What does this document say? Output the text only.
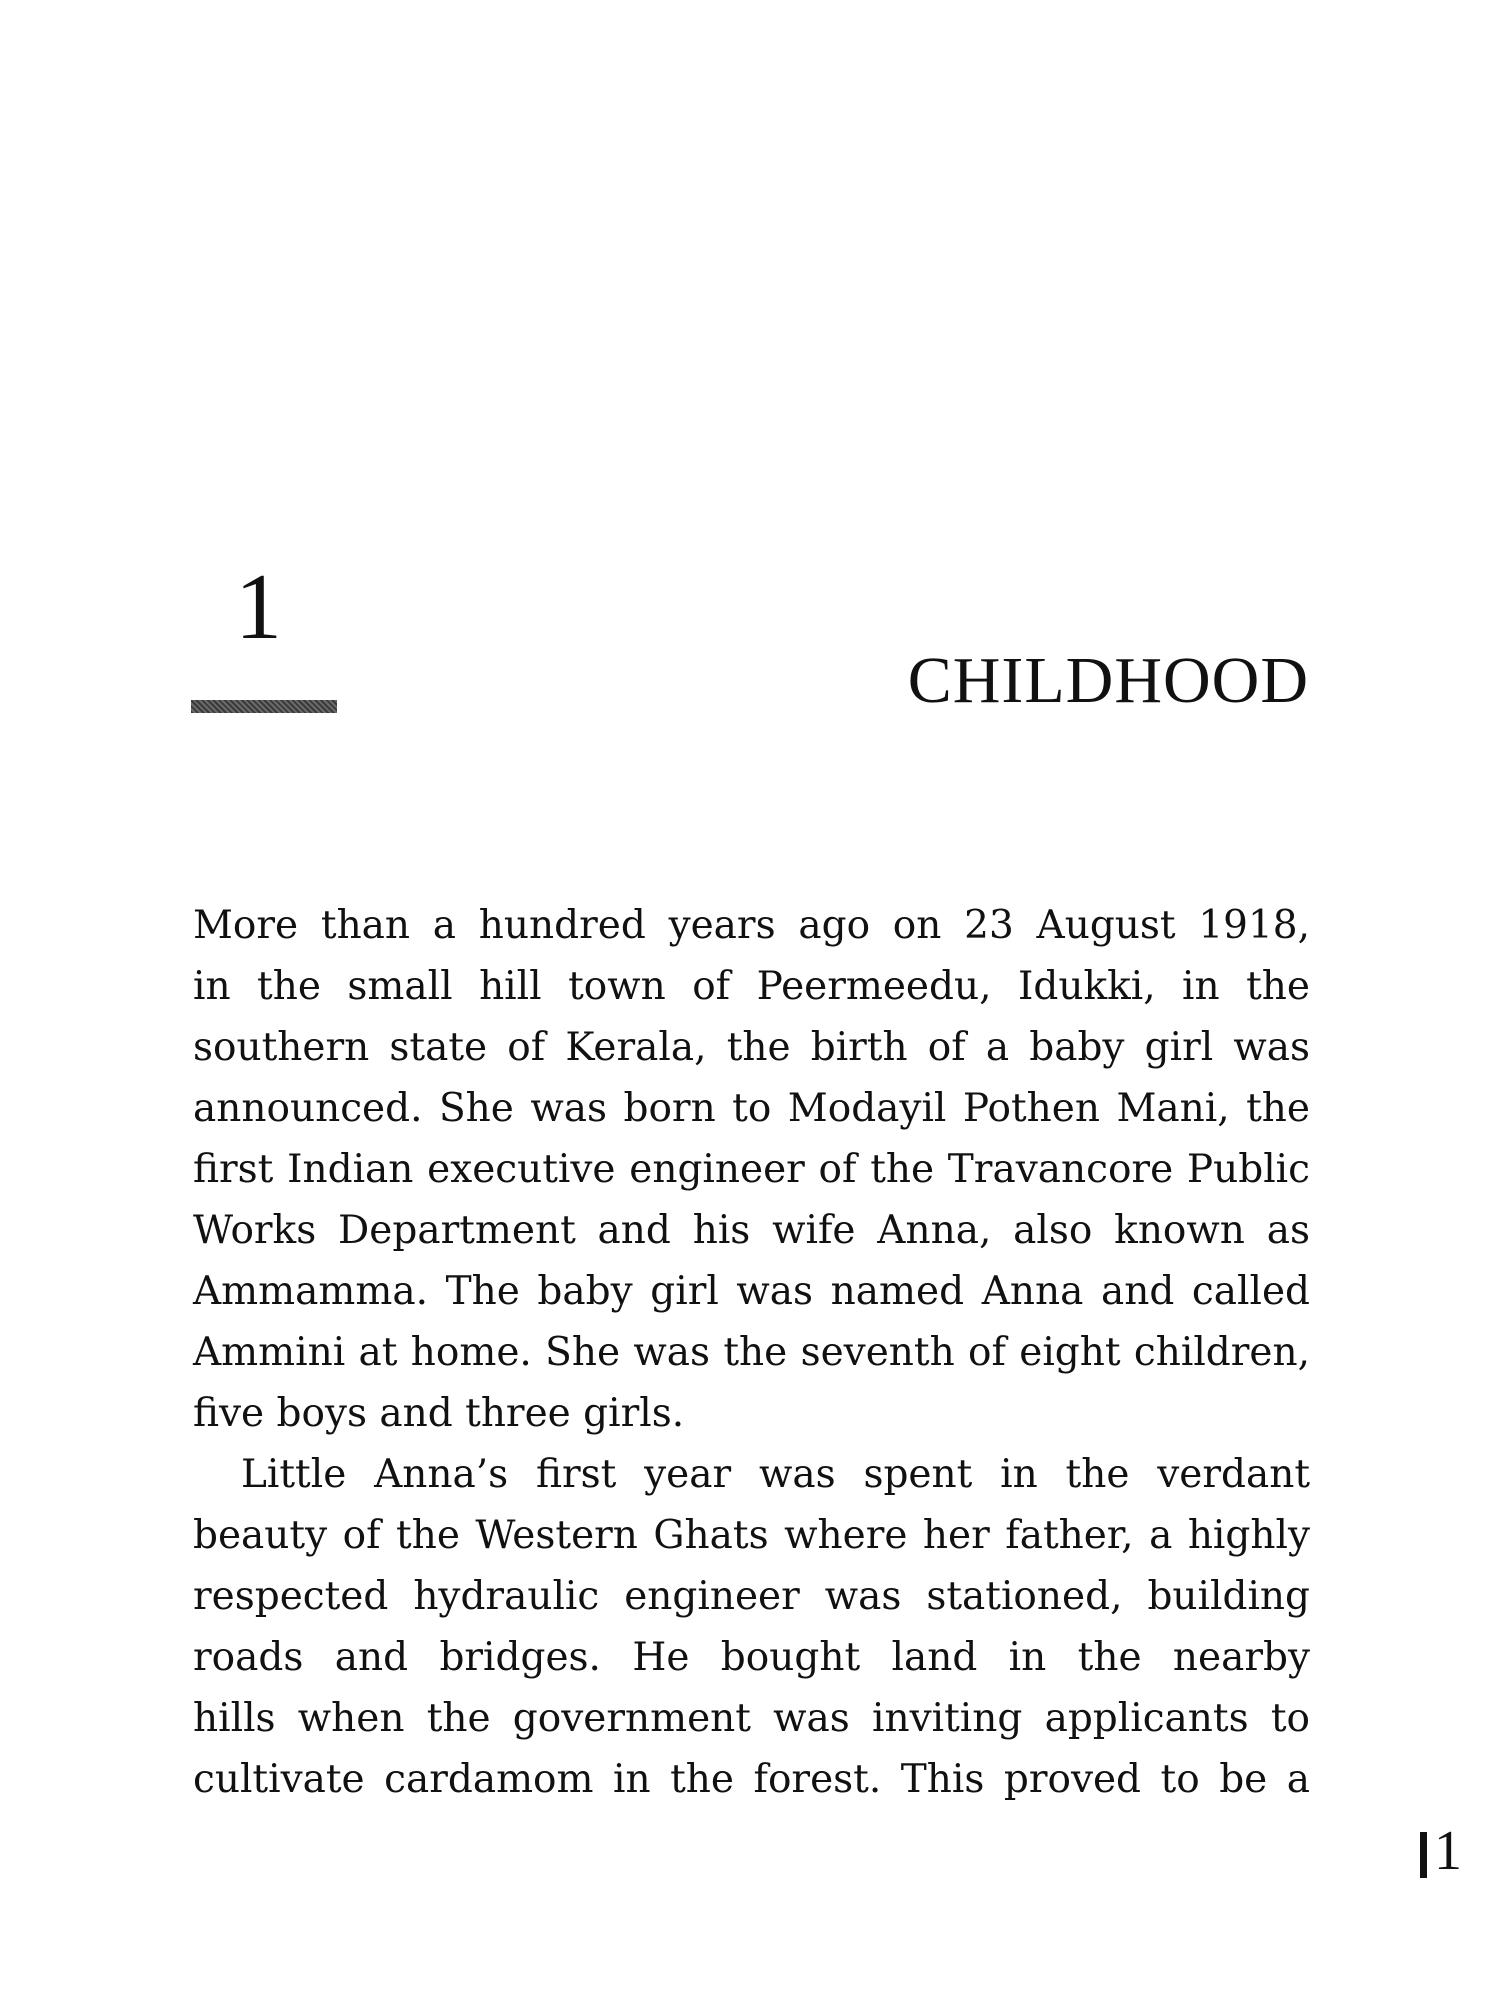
1
CHILDHOOD
More than a hundred years ago on 23 August 1918,
in the small hill town of Peermeedu, Idukki, in the
southern state of Kerala, the birth of a baby girl was
announced. She was born to Modayil Pothen Mani, the
first Indian executive engineer of the Travancore Public
Works Department and his wife Anna, also known as
Ammamma. The baby girl was named Anna and called
Ammini at home. She was the seventh of eight children,
five boys and three girls.
Little Anna’s first year was spent in the verdant
beauty of the Western Ghats where her father, a highly
respected hydraulic engineer was stationed, building
roads and bridges. He bought land in the nearby
hills when the government was inviting applicants to
cultivate cardamom in the forest. This proved to be a
1
